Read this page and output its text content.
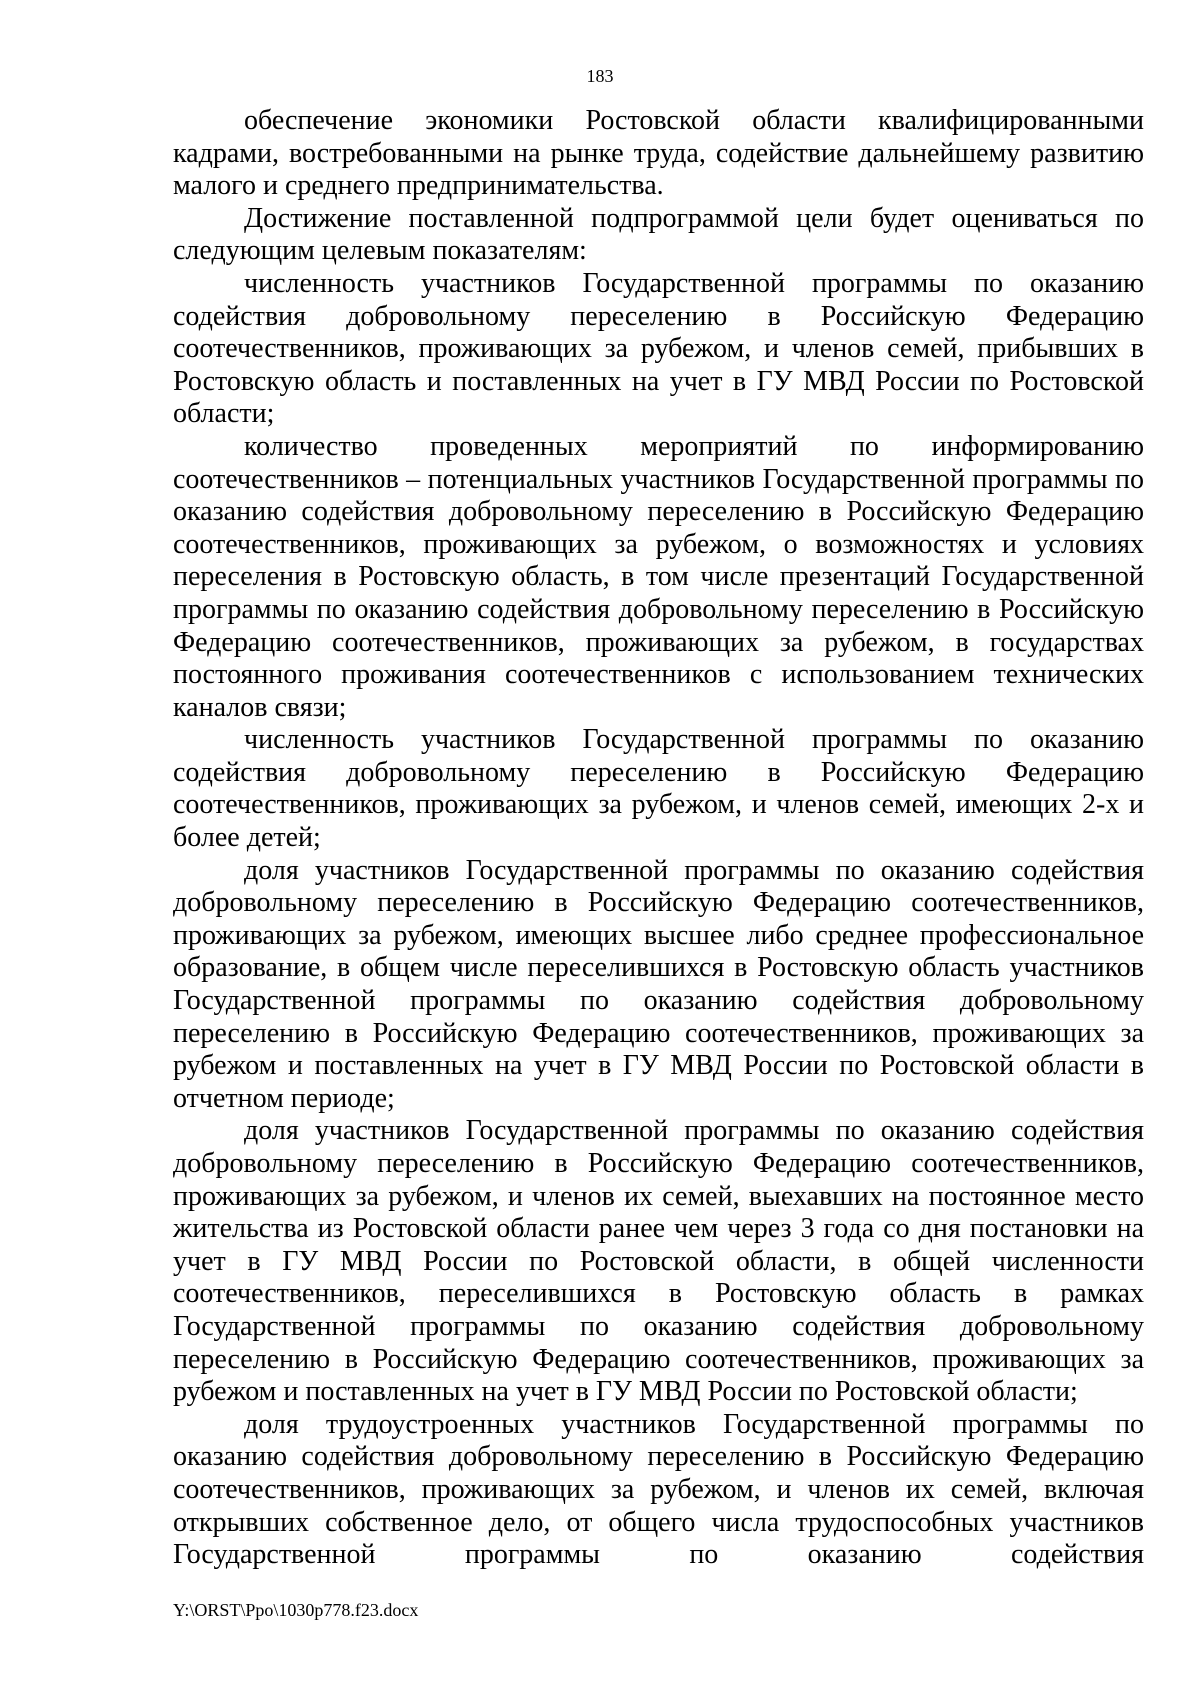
183

обеспечение экономики Ростовской области квалифицированными кадрами, востребованными на рынке труда, содействие дальнейшему развитию малого и среднего предпринимательства.

Достижение поставленной подпрограммой цели будет оцениваться по следующим целевым показателям:

численность участников Государственной программы по оказанию содействия добровольному переселению в Российскую Федерацию соотечественников, проживающих за рубежом, и членов семей, прибывших в Ростовскую область и поставленных на учет в ГУ МВД России по Ростовской области;

количество проведенных мероприятий по информированию соотечественников – потенциальных участников Государственной программы по оказанию содействия добровольному переселению в Российскую Федерацию соотечественников, проживающих за рубежом, о возможностях и условиях переселения в Ростовскую область, в том числе презентаций Государственной программы по оказанию содействия добровольному переселению в Российскую Федерацию соотечественников, проживающих за рубежом, в государствах постоянного проживания соотечественников с использованием технических каналов связи;

численность участников Государственной программы по оказанию содействия добровольному переселению в Российскую Федерацию соотечественников, проживающих за рубежом, и членов семей, имеющих 2-х и более детей;

доля участников Государственной программы по оказанию содействия добровольному переселению в Российскую Федерацию соотечественников, проживающих за рубежом, имеющих высшее либо среднее профессиональное образование, в общем числе переселившихся в Ростовскую область участников Государственной программы по оказанию содействия добровольному переселению в Российскую Федерацию соотечественников, проживающих за рубежом и поставленных на учет в ГУ МВД России по Ростовской области в отчетном периоде;

доля участников Государственной программы по оказанию содействия добровольному переселению в Российскую Федерацию соотечественников, проживающих за рубежом, и членов их семей, выехавших на постоянное место жительства из Ростовской области ранее чем через 3 года со дня постановки на учет в ГУ МВД России по Ростовской области, в общей численности соотечественников, переселившихся в Ростовскую область в рамках Государственной программы по оказанию содействия добровольному переселению в Российскую Федерацию соотечественников, проживающих за рубежом и поставленных на учет в ГУ МВД России по Ростовской области;

доля трудоустроенных участников Государственной программы по оказанию содействия добровольному переселению в Российскую Федерацию соотечественников, проживающих за рубежом, и членов их семей, включая открывших собственное дело, от общего числа трудоспособных участников Государственной программы по оказанию содействия

Y:\ORST\Ppo\1030p778.f23.docx
